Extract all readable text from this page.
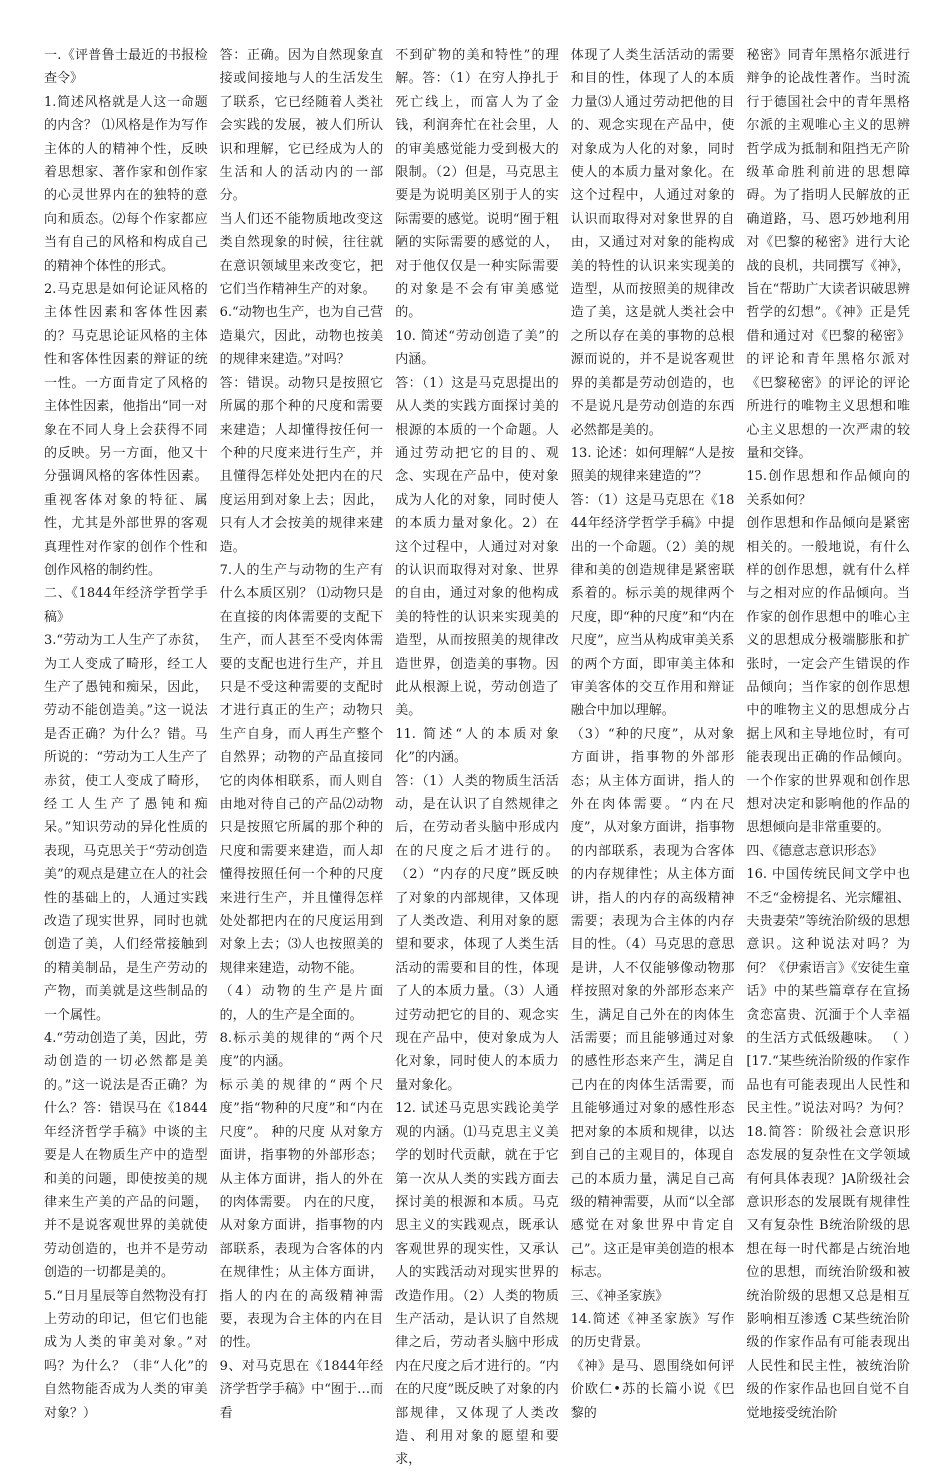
一.《评普鲁士最近的书报检查令》

1.简述风格就是人这一命题的内含？ ⑴风格是作为写作主体的人的精神个性，反映着思想家、著作家和创作家的心灵世界内在的独特的意向和质态。⑵每个作家都应当有自己的风格和构成自己的精神个体性的形式。

2.马克思是如何论证风格的主体性因素和客体性因素的？马克思论证风格的主体性和客体性因素的辩证的统一性。一方面肯定了风格的主体性因素，他指出“同一对象在不同人身上会获得不同的反映。另一方面，他又十分强调风格的客体性因素。重视客体对象的特征、属性，尤其是外部世界的客观真理性对作家的创作个性和创作风格的制约性。

二、《1844年经济学哲学手稿》

3.“劳动为工人生产了赤贫，为工人变成了畸形，经工人生产了愚钝和痴呆，因此，劳动不能创造美。”这一说法是否正确？为什么？错。马所说的：“劳动为工人生产了赤贫，使工人变成了畸形，经工人生产了愚钝和痴呆。”知识劳动的异化性质的表现，马克思关于“劳动创造美”的观点是建立在人的社会性的基础上的，人通过实践改造了现实世界，同时也就创造了美，人们经常接触到的精美制品，是生产劳动的产物，而美就是这些制品的一个属性。

4.“劳动创造了美，因此，劳动创造的一切必然都是美的。”这一说法是否正确？为什么？答：错误马在《1844年经济哲学手稿》中谈的主要是人在物质生产中的造型和美的问题，即使按美的规律来生产美的产品的问题，并不是说客观世界的美就使劳动创造的，也并不是劳动创造的一切都是美的。

5.“日月星辰等自然物没有打上劳动的印记，但它们也能成为人类的审美对象。”对吗？为什么？（非“人化”的自然物能否成为人类的审美对象？）

答：正确。因为自然现象直接或间接地与人的生活发生了联系，它已经随着人类社会实践的发展，被人们所认识和理解，它已经成为人的生活和人的活动内的一部分。

当人们还不能物质地改变这类自然现象的时候，往往就在意识领域里来改变它，把它们当作精神生产的对象。

6.“动物也生产，也为自己营造巢穴，因此，动物也按美的规律来建造。”对吗？

答：错误。动物只是按照它所属的那个种的尺度和需要来建造；人却懂得按任何一个种的尺度来进行生产，并且懂得怎样处处把内在的尺度运用到对象上去；因此，只有人才会按美的规律来建造。

7.人的生产与动物的生产有什么本质区别？ ⑴动物只是在直接的肉体需要的支配下生产，而人甚至不受肉体需要的支配也进行生产，并且只是不受这种需要的支配时才进行真正的生产；动物只生产自身，而人再生产整个自然界；动物的产品直接同它的肉体相联系，而人则自由地对待自己的产品⑵动物只是按照它所属的那个种的尺度和需要来建造，而人却懂得按照任何一个种的尺度来进行生产，并且懂得怎样处处都把内在的尺度运用到对象上去；⑶人也按照美的规律来建造，动物不能。

（4）动物的生产是片面的，人的生产是全面的。

8.标示美的规律的“两个尺度”的内涵。

标示美的规律的“两个尺度”指“物种的尺度”和“内在尺度”。 种的尺度 从对象方面讲，指事物的外部形态；从主体方面讲，指人的外在的肉体需要。 内在的尺度，从对象方面讲，指事物的内部联系，表现为合客体的内在规律性；从主体方面讲，指人的内在的高级精神需要，表现为合主体的内在目的性。

9、对马克思在《1844年经济学哲学手稿》中“囿于…而看

不到矿物的美和特性”的理解。答：（1）在穷人挣扎于死亡线上，而富人为了金钱，利润奔忙在社会里，人的审美感觉能力受到极大的限制。（2）但是，马克思主要是为说明美区别于人的实际需要的感觉。说明“囿于粗陋的实际需要的感觉的人，对于他仅仅是一种实际需要的对象是不会有审美感觉的。

10. 简述“劳动创造了美”的内涵。

答：（1）这是马克思提出的从人类的实践方面探讨美的根源的本质的一个命题。人通过劳动把它的目的、观念、实现在产品中，使对象成为人化的对象，同时使人的本质力量对象化。2）在这个过程中，人通过对对象的认识而取得对对象、世界的自由，通过对象的他构成美的特性的认识来实现美的造型，从而按照美的规律改造世界，创造美的事物。因此从根源上说，劳动创造了美。

11. 简述“人的本质对象化”的内涵。

答：（1）人类的物质生活活动，是在认识了自然规律之后，在劳动者头脑中形成内在的尺度之后才进行的。（2）“内存的尺度”既反映了对象的内部规律，又体现了人类改造、利用对象的愿望和要求，体现了人类生活活动的需要和目的性，体现了人的本质力量。（3）人通过劳动把它的目的、观念实现在产品中，使对象成为人化对象，同时使人的本质力量对象化。

12. 试述马克思实践论美学观的内涵。⑴马克思主义美学的划时代贡献，就在于它第一次从人类的实践方面去探讨美的根源和本质。马克思主义的实践观点，既承认客观世界的现实性，又承认人的实践活动对现实世界的改造作用。（2）人类的物质生产活动，是认识了自然规律之后，劳动者头脑中形成内在尺度之后才进行的。“内在的尺度”既反映了对象的内部规律，又体现了人类改造、利用对象的愿望和要求，

体现了人类生活活动的需要和目的性，体现了人的本质力量⑶人通过劳动把他的目的、观念实现在产品中，使对象成为人化的对象，同时使人的本质力量对象化。在这个过程中，人通过对象的认识而取得对对象世界的自由，又通过对对象的能构成美的特性的认识来实现美的造型，从而按照美的规律改造了美，这是就人类社会中之所以存在美的事物的总根源而说的，并不是说客观世界的美都是劳动创造的，也不是说凡是劳动创造的东西必然都是美的。

13. 论述：如何理解“人是按照美的规律来建造的”？

答：（1）这是马克思在《1844年经济学哲学手稿》中提出的一个命题。（2）美的规律和美的创造规律是紧密联系着的。标示美的规律两个尺度，即“种的尺度”和“内在尺度”，应当从构成审美关系的两个方面，即审美主体和审美客体的交互作用和辩证融合中加以理解。

（3）“种的尺度”，从对象方面讲，指事物的外部形态；从主体方面讲，指人的外在肉体需要。“内在尺度”，从对象方面讲，指事物的内部联系，表现为合客体的内存规律性；从主体方面讲，指人的内存的高级精神需要；表现为合主体的内存目的性。（4）马克思的意思是讲，人不仅能够像动物那样按照对象的外部形态来产生，满足自己外在的肉体生活需要；而且能够通过对象的感性形态来产生，满足自己内在的肉体生活需要，而且能够通过对象的感性形态把对象的本质和规律，以达到自己的主观目的，体现自己的本质力量，满足自己高级的精神需要，从而“以全部感觉在对象世界中肯定自己”。这正是审美创造的根本标志。

三、《神圣家族》

14.简述《神圣家族》写作的历史背景。

《神》是马、恩围绕如何评价欧仁•苏的长篇小说《巴黎的

秘密》同青年黑格尔派进行辩争的论战性著作。当时流行于德国社会中的青年黑格尔派的主观唯心主义的思辨哲学成为抵制和阻挡无产阶级革命胜利前进的思想障碍。为了指明人民解放的正确道路，马、恩巧妙地利用对《巴黎的秘密》进行大论战的良机，共同撰写《神》，旨在“帮助广大读者识破思辨哲学的幻想”。《神》正是凭借和通过对《巴黎的秘密》的评论和青年黑格尔派对《巴黎秘密》的评论的评论所进行的唯物主义思想和唯心主义思想的一次严肃的较量和交锋。

15.创作思想和作品倾向的关系如何？

创作思想和作品倾向是紧密相关的。一般地说，有什么样的创作思想，就有什么样与之相对应的作品倾向。当作家的创作思想中的唯心主义的思想成分极端膨胀和扩张时，一定会产生错误的作品倾向；当作家的创作思想中的唯物主义的思想成分占据上风和主导地位时，有可能表现出正确的作品倾向。一个作家的世界观和创作思想对决定和影响他的作品的思想倾向是非常重要的。

四、《德意志意识形态》

16. 中国传统民间文学中也不乏“金榜提名、光宗耀祖、夫贵妻荣”等统治阶级的思想意识。这种说法对吗？为何？《伊索语言》《安徒生童话》中的某些篇章存在宣扬贪恋富贵、沉湎于个人幸福的生活方式低级趣味。 （ ）[17.“某些统治阶级的作家作品也有可能表现出人民性和民主性。”说法对吗？为何？ 18.简答：阶级社会意识形态发展的复杂性在文学领域有何具体表现？]A阶级社会意识形态的发展既有规律性又有复杂性 B统治阶级的思想在每一时代都是占统治地位的思想，而统治阶级和被统治阶级的思想又总是相互影响相互渗透 C某些统治阶级的作家作品有可能表现出人民性和民主性，被统治阶级的作家作品也回自觉不自觉地接受统治阶
